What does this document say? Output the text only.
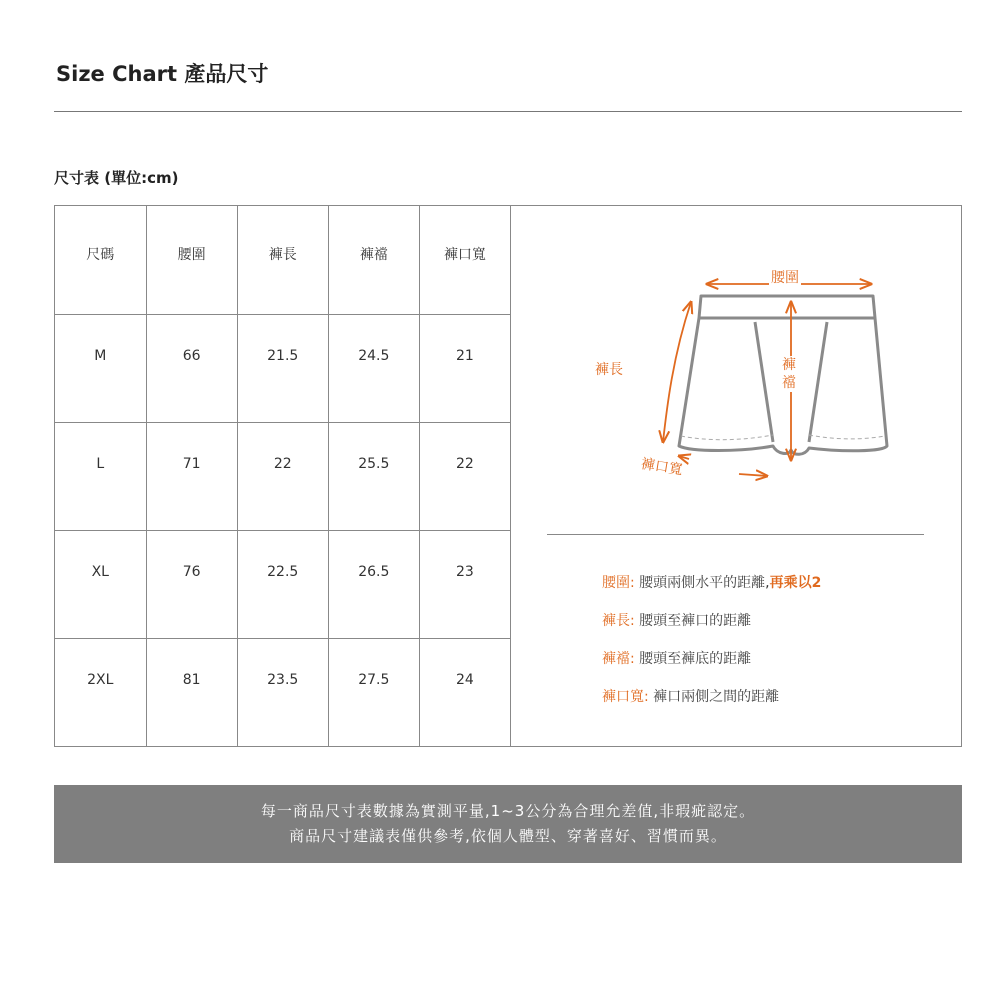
Size Chart 產品尺寸
尺寸表 (單位:cm)
尺碼	腰圍	褲長	褲襠	褲口寬
M	66	21.5	24.5	21
L	71	22	25.5	22
XL	76	22.5	26.5	23
2XL	81	23.5	27.5	24
腰圍
褲長	褲襠
褲口寬
腰圍: 腰頭兩側水平的距離,再乘以2
褲長: 腰頭至褲口的距離
褲襠: 腰頭至褲底的距離
褲口寬: 褲口兩側之間的距離
每一商品尺寸表數據為實測平量,1~3公分為合理允差值,非瑕疵認定。
商品尺寸建議表僅供參考,依個人體型、穿著喜好、習慣而異。
